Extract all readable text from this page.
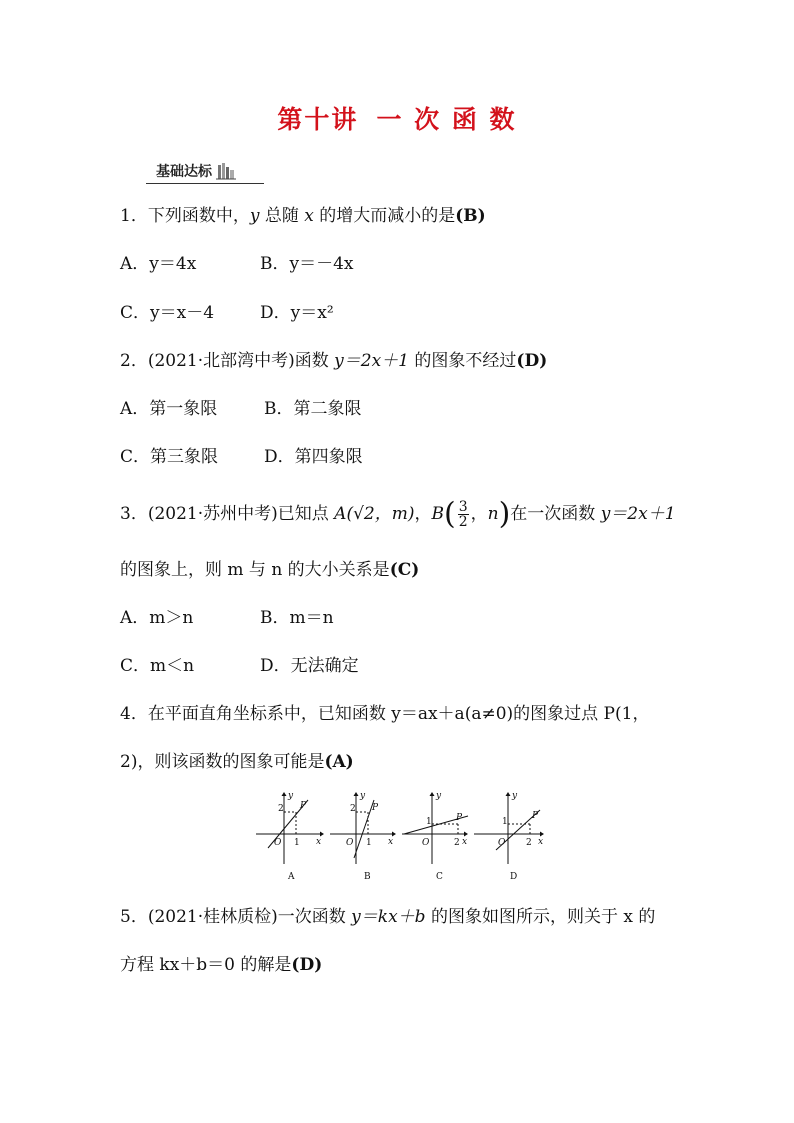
第十讲 一 次 函 数
基础达标
1．下列函数中，y 总随 x 的增大而减小的是(B)
A．y＝4x	B．y＝－4x
C．y＝x－4	D．y＝x²
2．(2021·北部湾中考)函数 y＝2x＋1 的图象不经过(D)
A．第一象限	B．第二象限
C．第三象限	D．第四象限
3．(2021·苏州中考)已知点 A(√2，m)，$B( \frac{3}{2}$ ，n)在一次函数 y＝2x＋1
的图象上，则 m 与 n 的大小关系是(C)
A．m＞n	B．m＝n
C．m＜n	D．无法确定
4．在平面直角坐标系中，已知函数 y＝ax＋a(a≠0)的图象过点 P(1，
2)，则该函数的图象可能是(A)
y
2 P
O 1 x
A
y
2 P
O 1 x
B
y
1	P
O	2 x
C
y
1
P
O 2 x
D
5．(2021·桂林质检)一次函数 y＝kx＋b 的图象如图所示，则关于 x 的
方程 kx＋b＝0 的解是(D)
